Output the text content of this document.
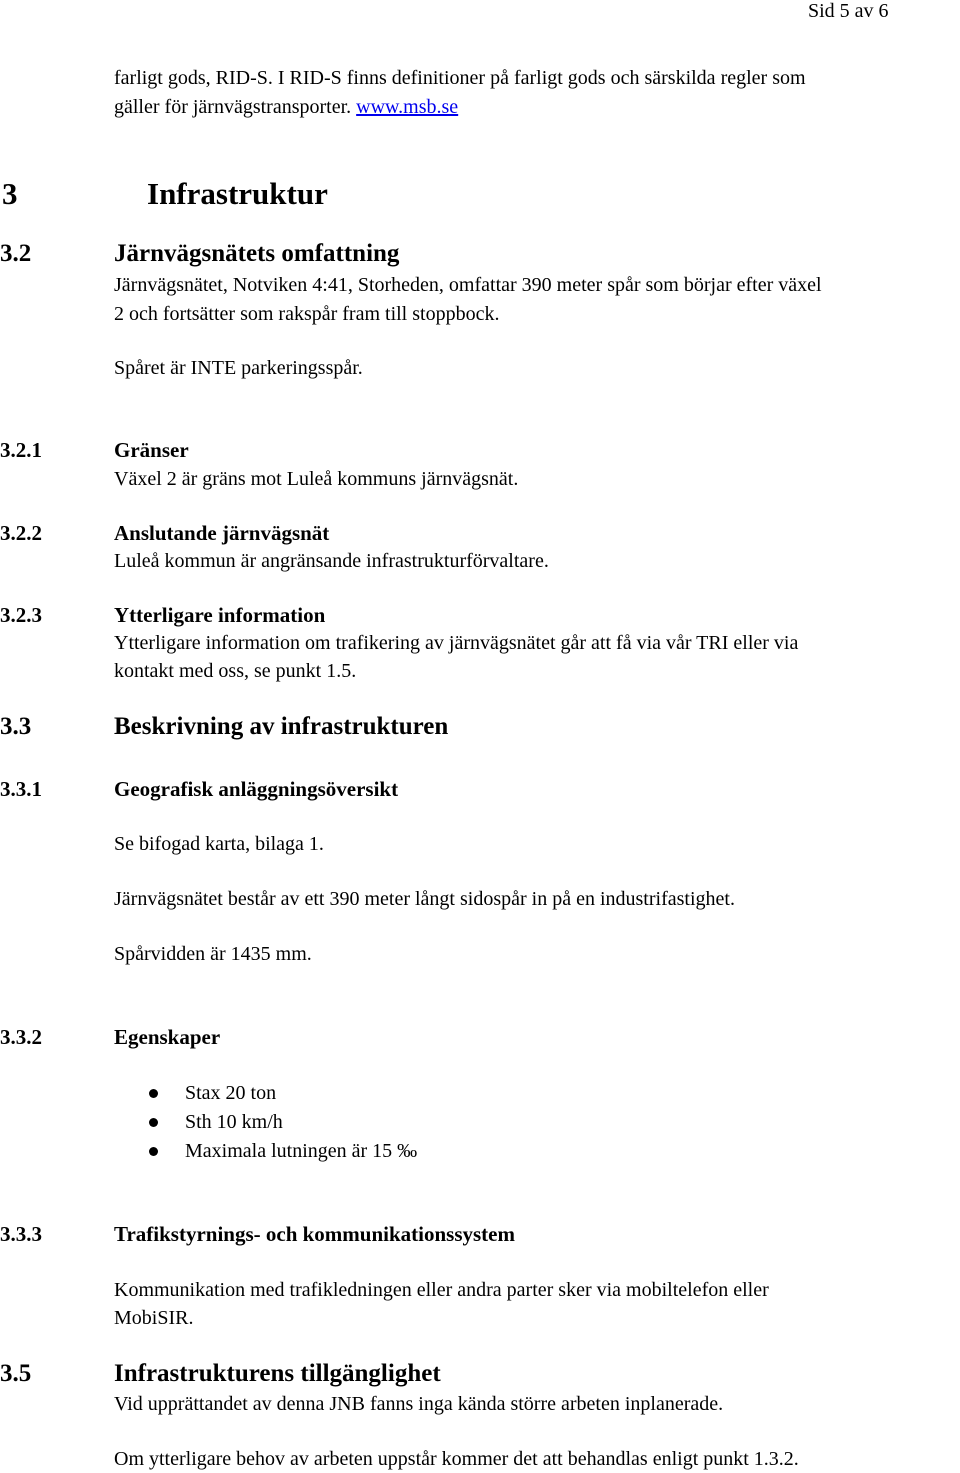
Sid 5 av 6
farligt gods, RID-S. I RID-S finns definitioner på farligt gods och särskilda regler som
gäller för järnvägstransporter. www.msb.se
3	Infrastruktur
3.2	Järnvägsnätets omfattning
Järnvägsnätet, Notviken 4:41, Storheden, omfattar 390 meter spår som börjar efter växel
2 och fortsätter som rakspår fram till stoppbock.
Spåret är INTE parkeringsspår.
3.2.1	Gränser
Växel 2 är gräns mot Luleå kommuns järnvägsnät.
3.2.2	Anslutande järnvägsnät
Luleå kommun är angränsande infrastrukturförvaltare.
3.2.3	Ytterligare information
Ytterligare information om trafikering av järnvägsnätet går att få via vår TRI eller via
kontakt med oss, se punkt 1.5.
3.3	Beskrivning av infrastrukturen
3.3.1	Geografisk anläggningsöversikt
Se bifogad karta, bilaga 1.
Järnvägsnätet består av ett 390 meter långt sidospår in på en industrifastighet.
Spårvidden är 1435 mm.
3.3.2	Egenskaper
Stax 20 ton
Sth 10 km/h
Maximala lutningen är 15 ‰
3.3.3	Trafikstyrnings- och kommunikationssystem
Kommunikation med trafikledningen eller andra parter sker via mobiltelefon eller
MobiSIR.
3.5	Infrastrukturens tillgänglighet
Vid upprättandet av denna JNB fanns inga kända större arbeten inplanerade.
Om ytterligare behov av arbeten uppstår kommer det att behandlas enligt punkt 1.3.2.
